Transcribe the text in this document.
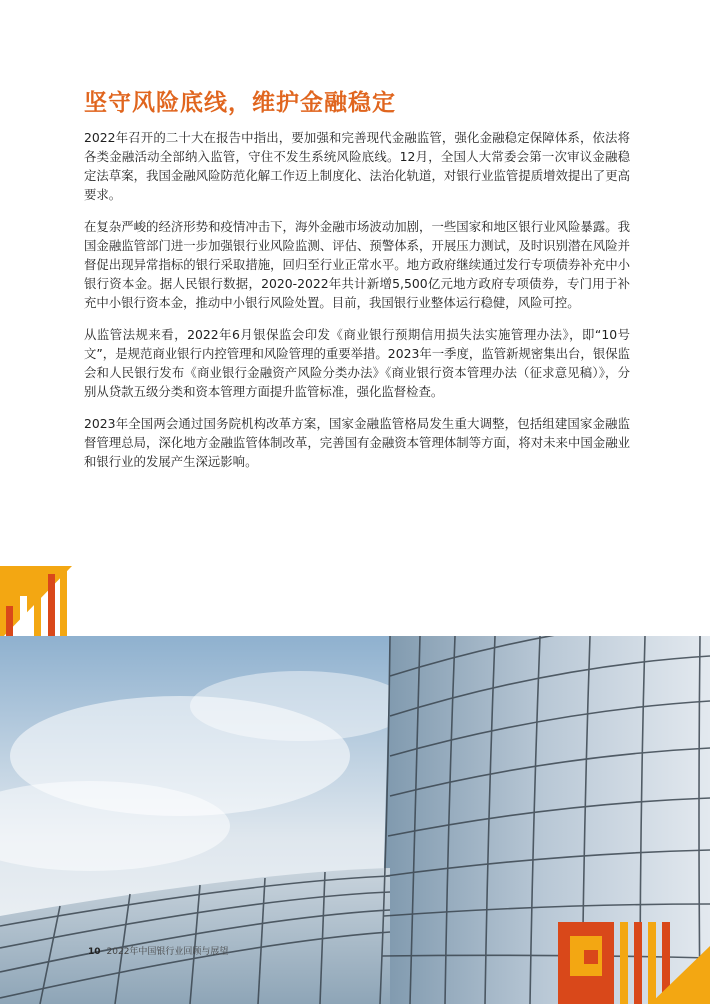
坚守风险底线，维护金融稳定

2022年召开的二十大在报告中指出，要加强和完善现代金融监管，强化金融稳定保障体系，依法将各类金融活动全部纳入监管，守住不发生系统风险底线。12月，全国人大常委会第一次审议金融稳定法草案，我国金融风险防范化解工作迈上制度化、法治化轨道，对银行业监管提质增效提出了更高要求。

在复杂严峻的经济形势和疫情冲击下，海外金融市场波动加剧，一些国家和地区银行业风险暴露。我国金融监管部门进一步加强银行业风险监测、评估、预警体系，开展压力测试，及时识别潜在风险并督促出现异常指标的银行采取措施，回归至行业正常水平。地方政府继续通过发行专项债券补充中小银行资本金。据人民银行数据，2020-2022年共计新增5,500亿元地方政府专项债券，专门用于补充中小银行资本金，推动中小银行风险处置。目前，我国银行业整体运行稳健，风险可控。

从监管法规来看，2022年6月银保监会印发《商业银行预期信用损失法实施管理办法》，即“10号文”，是规范商业银行内控管理和风险管理的重要举措。2023年一季度，监管新规密集出台，银保监会和人民银行发布《商业银行金融资产风险分类办法》《商业银行资本管理办法（征求意见稿）》，分别从贷款五级分类和资本管理方面提升监管标准，强化监督检查。

2023年全国两会通过国务院机构改革方案，国家金融监管格局发生重大调整，包括组建国家金融监督管理总局，深化地方金融监管体制改革，完善国有金融资本管理体制等方面，将对未来中国金融业和银行业的发展产生深远影响。

10 2022年中国银行业回顾与展望
